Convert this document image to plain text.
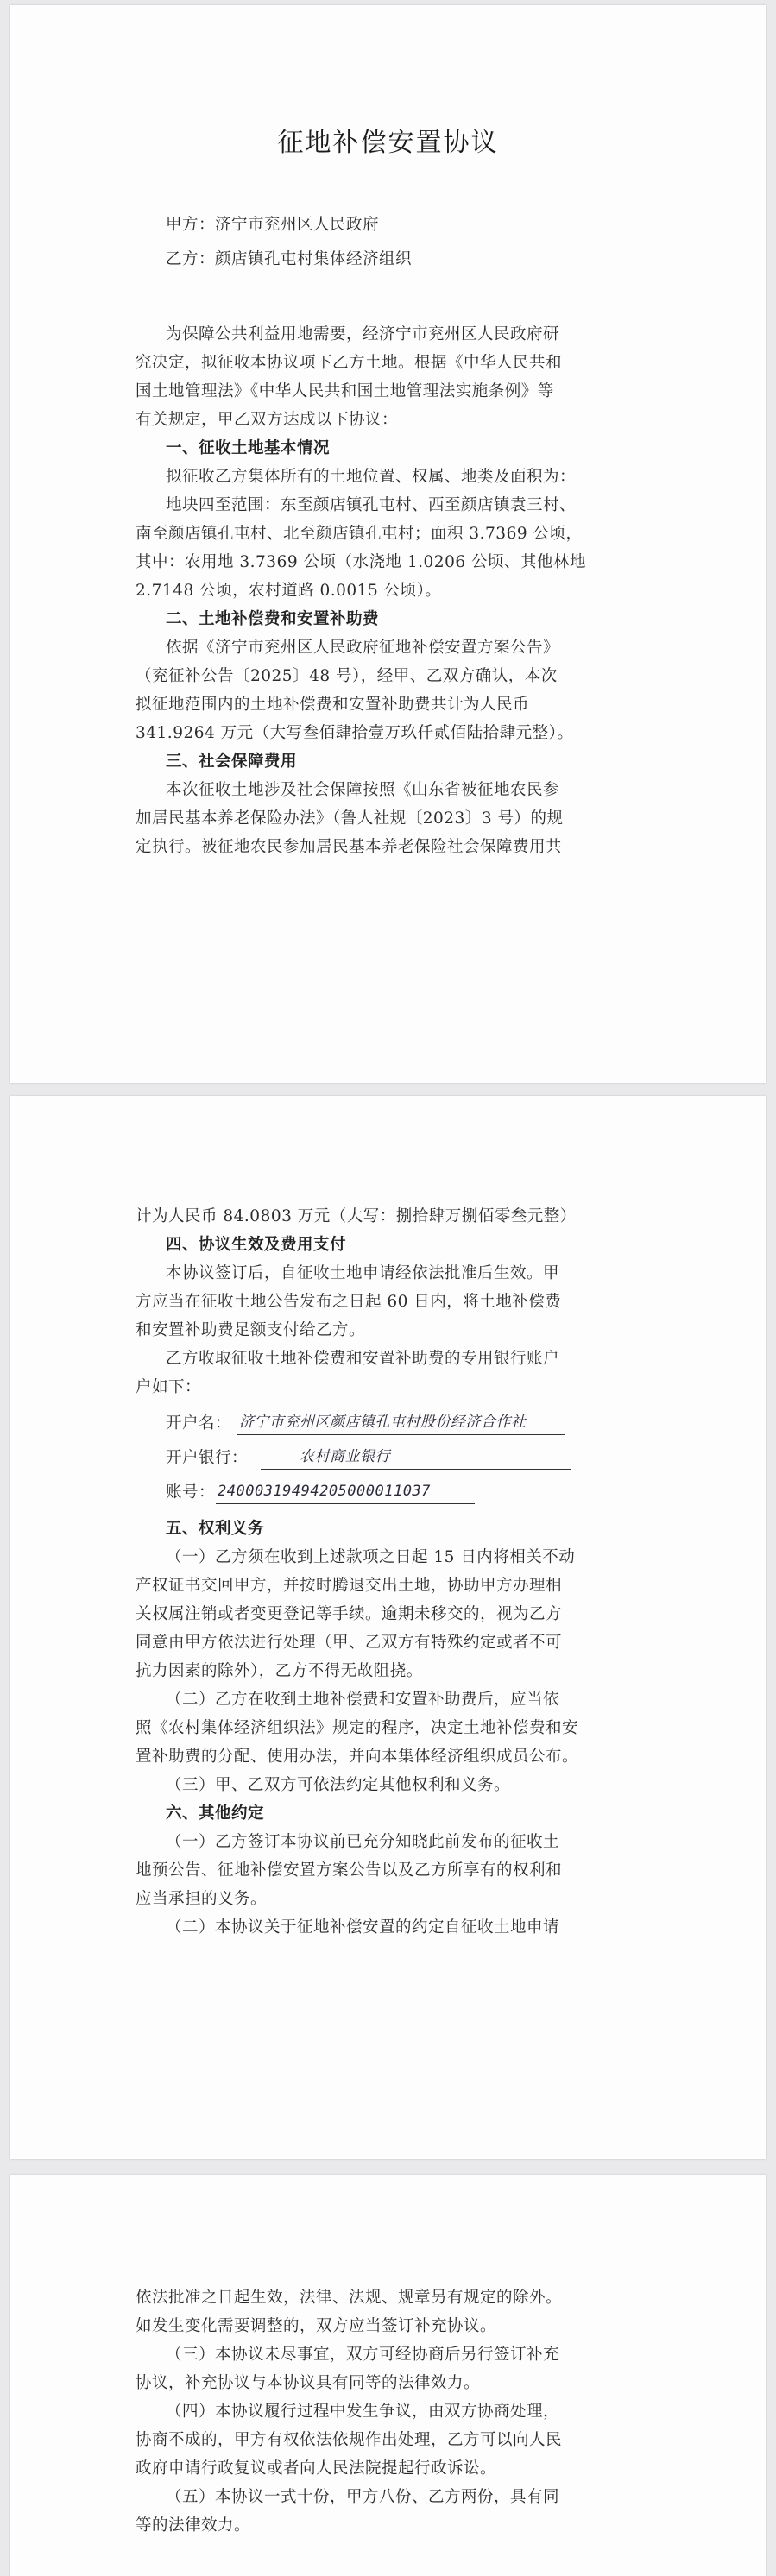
征地补偿安置协议
甲方：济宁市兖州区人民政府
乙方：颜店镇孔屯村集体经济组织
为保障公共利益用地需要，经济宁市兖州区人民政府研
究决定，拟征收本协议项下乙方土地。根据《中华人民共和
国土地管理法》《中华人民共和国土地管理法实施条例》等
有关规定，甲乙双方达成以下协议：
一、征收土地基本情况
拟征收乙方集体所有的土地位置、权属、地类及面积为：
地块四至范围：东至颜店镇孔屯村、西至颜店镇袁三村、
南至颜店镇孔屯村、北至颜店镇孔屯村；面积 3.7369 公顷，
其中：农用地 3.7369 公顷（水浇地 1.0206 公顷、其他林地
2.7148 公顷，农村道路 0.0015 公顷）。
二、土地补偿费和安置补助费
依据《济宁市兖州区人民政府征地补偿安置方案公告》
（兖征补公告〔2025〕48 号），经甲、乙双方确认，本次
拟征地范围内的土地补偿费和安置补助费共计为人民币
341.9264 万元（大写叁佰肆拾壹万玖仟贰佰陆拾肆元整）。
三、社会保障费用
本次征收土地涉及社会保障按照《山东省被征地农民参
加居民基本养老保险办法》（鲁人社规〔2023〕3 号）的规
定执行。被征地农民参加居民基本养老保险社会保障费用共
计为人民币 84.0803 万元（大写：捌拾肆万捌佰零叁元整）
四、协议生效及费用支付
本协议签订后，自征收土地申请经依法批准后生效。甲
方应当在征收土地公告发布之日起 60 日内，将土地补偿费
和安置补助费足额支付给乙方。
乙方收取征收土地补偿费和安置补助费的专用银行账户
户如下：
开户名： 济宁市兖州区颜店镇孔屯村股份经济合作社
开户银行：	农村商业银行
账号： 24000319494205000011037
五、权利义务
（一）乙方须在收到上述款项之日起 15 日内将相关不动
产权证书交回甲方，并按时腾退交出土地，协助甲方办理相
关权属注销或者变更登记等手续。逾期未移交的，视为乙方
同意由甲方依法进行处理（甲、乙双方有特殊约定或者不可
抗力因素的除外），乙方不得无故阻挠。
（二）乙方在收到土地补偿费和安置补助费后，应当依
照《农村集体经济组织法》规定的程序，决定土地补偿费和安
置补助费的分配、使用办法，并向本集体经济组织成员公布。
（三）甲、乙双方可依法约定其他权利和义务。
六、其他约定
（一）乙方签订本协议前已充分知晓此前发布的征收土
地预公告、征地补偿安置方案公告以及乙方所享有的权利和
应当承担的义务。
（二）本协议关于征地补偿安置的约定自征收土地申请
依法批准之日起生效，法律、法规、规章另有规定的除外。
如发生变化需要调整的，双方应当签订补充协议。
（三）本协议未尽事宜，双方可经协商后另行签订补充
协议，补充协议与本协议具有同等的法律效力。
（四）本协议履行过程中发生争议，由双方协商处理，
协商不成的，甲方有权依法依规作出处理，乙方可以向人民
政府申请行政复议或者向人民法院提起行政诉讼。
（五）本协议一式十份，甲方八份、乙方两份，具有同
等的法律效力。
